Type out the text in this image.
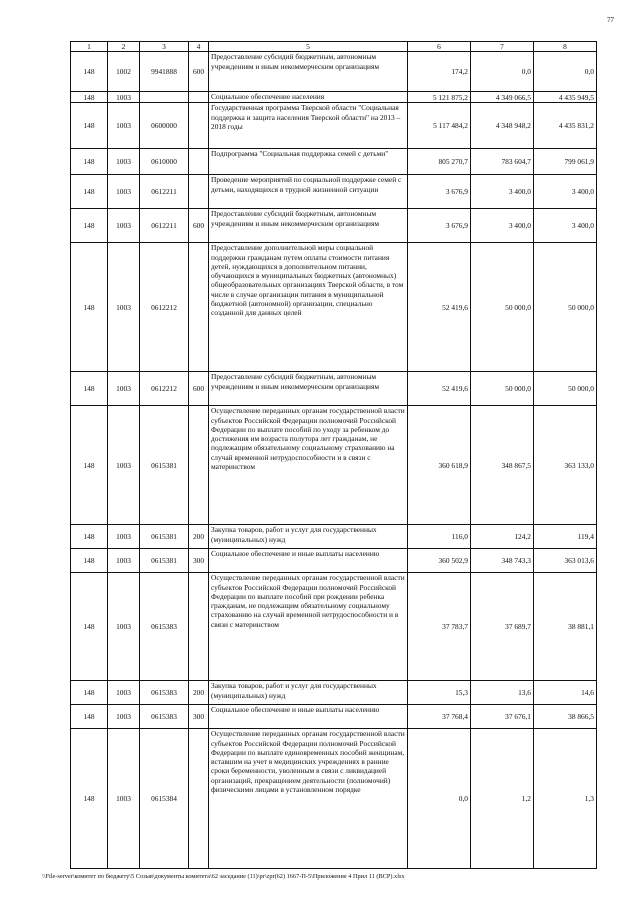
77
1	2	3	4	5	6	7	8
148	1002	9941888	600	Предоставление субсидий бюджетным, автономным учреждениям и иным некоммерческим организациям	174,2	0,0	0,0
148	1003			Социальное обеспечение населения	5 121 875,2	4 349 066,5	4 435 949,5
148	1003	0600000		Государственная программа Тверской области "Социальная поддержка и защита населения Тверской области" на 2013 – 2018 годы	5 117 484,2	4 348 948,2	4 435 831,2
148	1003	0610000		Подпрограмма "Социальная поддержка семей с детьми"	805 270,7	783 604,7	799 061,9
148	1003	0612211		Проведение мероприятий по социальной поддержке семей с детьми, находящихся в трудной жизненной ситуации	3 676,9	3 400,0	3 400,0
148	1003	0612211	600	Предоставление субсидий бюджетным, автономным учреждениям и иным некоммерческим организациям	3 676,9	3 400,0	3 400,0
148	1003	0612212		Предоставление дополнительной меры социальной поддержки гражданам путем оплаты стоимости питания детей, нуждающихся в дополнительном питании, обучающихся в муниципальных бюджетных (автономных) общеобразовательных организациях Тверской области, в том числе в случае организации питания в муниципальной бюджетной (автономной) организации, специально созданной для данных целей	52 419,6	50 000,0	50 000,0
148	1003	0612212	600	Предоставление субсидий бюджетным, автономным учреждениям и иным некоммерческим организациям	52 419,6	50 000,0	50 000,0
148	1003	0615381		Осуществление переданных органам государственной власти субъектов Российской Федерации полномочий Российской Федерации по выплате пособий по уходу за ребенком до достижения им возраста полутора лет гражданам, не подлежащим обязательному социальному страхованию на случай временной нетрудоспособности и в связи с материнством	360 618,9	348 867,5	363 133,0
148	1003	0615381	200	Закупка товаров, работ и услуг для государственных (муниципальных) нужд	116,0	124,2	119,4
148	1003	0615381	300	Социальное обеспечение и иные выплаты населению	360 502,9	348 743,3	363 013,6
148	1003	0615383		Осуществление переданных органам государственной власти субъектов Российской Федерации полномочий Российской Федерации по выплате пособий при рождении ребенка гражданам, не подлежащим обязательному социальному страхованию на случай временной нетрудоспособности и в связи с материнством	37 783,7	37 689,7	38 881,1
148	1003	0615383	200	Закупка товаров, работ и услуг для государственных (муниципальных) нужд	15,3	13,6	14,6
148	1003	0615383	300	Социальное обеспечение и иные выплаты населению	37 768,4	37 676,1	38 866,5
148	1003	0615384		Осуществление переданных органам государственной власти субъектов Российской Федерации полномочий Российской Федерации по выплате единовременных пособий женщинам, вставшим на учет в медицинских учреждениях в ранние сроки беременности, уволенным в связи с ликвидацией организаций, прекращением деятельности (полномочий) физическими лицами в установленном порядке	0,0	1,2	1,3
\\File-server\комитет по бюджету\5 Созыв\документы комитета\62 заседание (11)\pr\zpr(62) 1667-П-5\Приложение 4 Прил 11 (ВСР).xlsx
